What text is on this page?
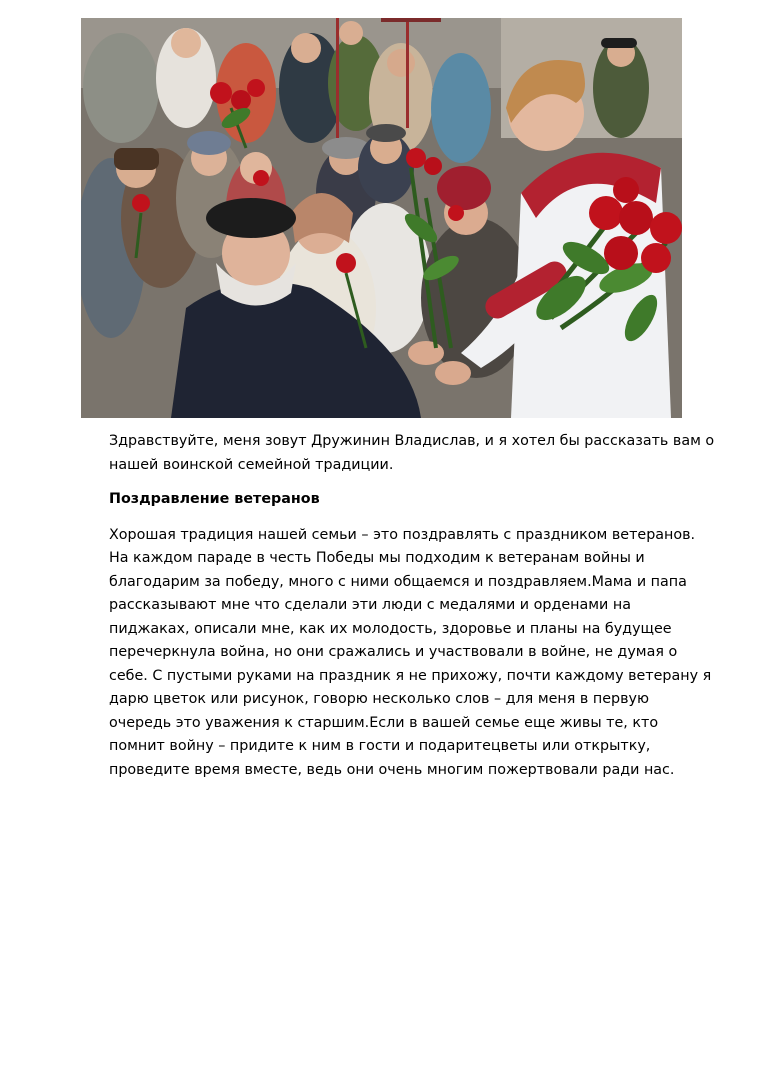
Здравствуйте, меня зовут Дружинин Владислав, и я хотел бы рассказать вам о
нашей воинской семейной традиции.

Поздравление ветеранов

Хорошая традиция нашей семьи – это поздравлять с праздником ветеранов.
На каждом параде в честь Победы мы подходим к ветеранам войны и
благодарим за победу, много с ними общаемся и поздравляем.Мама и папа
рассказывают мне что сделали эти люди с медалями и орденами на
пиджаках, описали мне, как их молодость, здоровье и планы на будущее
перечеркнула война, но они сражались и участвовали в войне, не думая о
себе. С пустыми руками на праздник я не прихожу, почти каждому ветерану я
дарю цветок или рисунок, говорю несколько слов – для меня в первую
очередь это уважения к старшим.Если в вашей семье еще живы те, кто
помнит войну – придите к ним в гости и подаритецветы или открытку,
проведите время вместе, ведь они очень многим пожертвовали ради нас.
